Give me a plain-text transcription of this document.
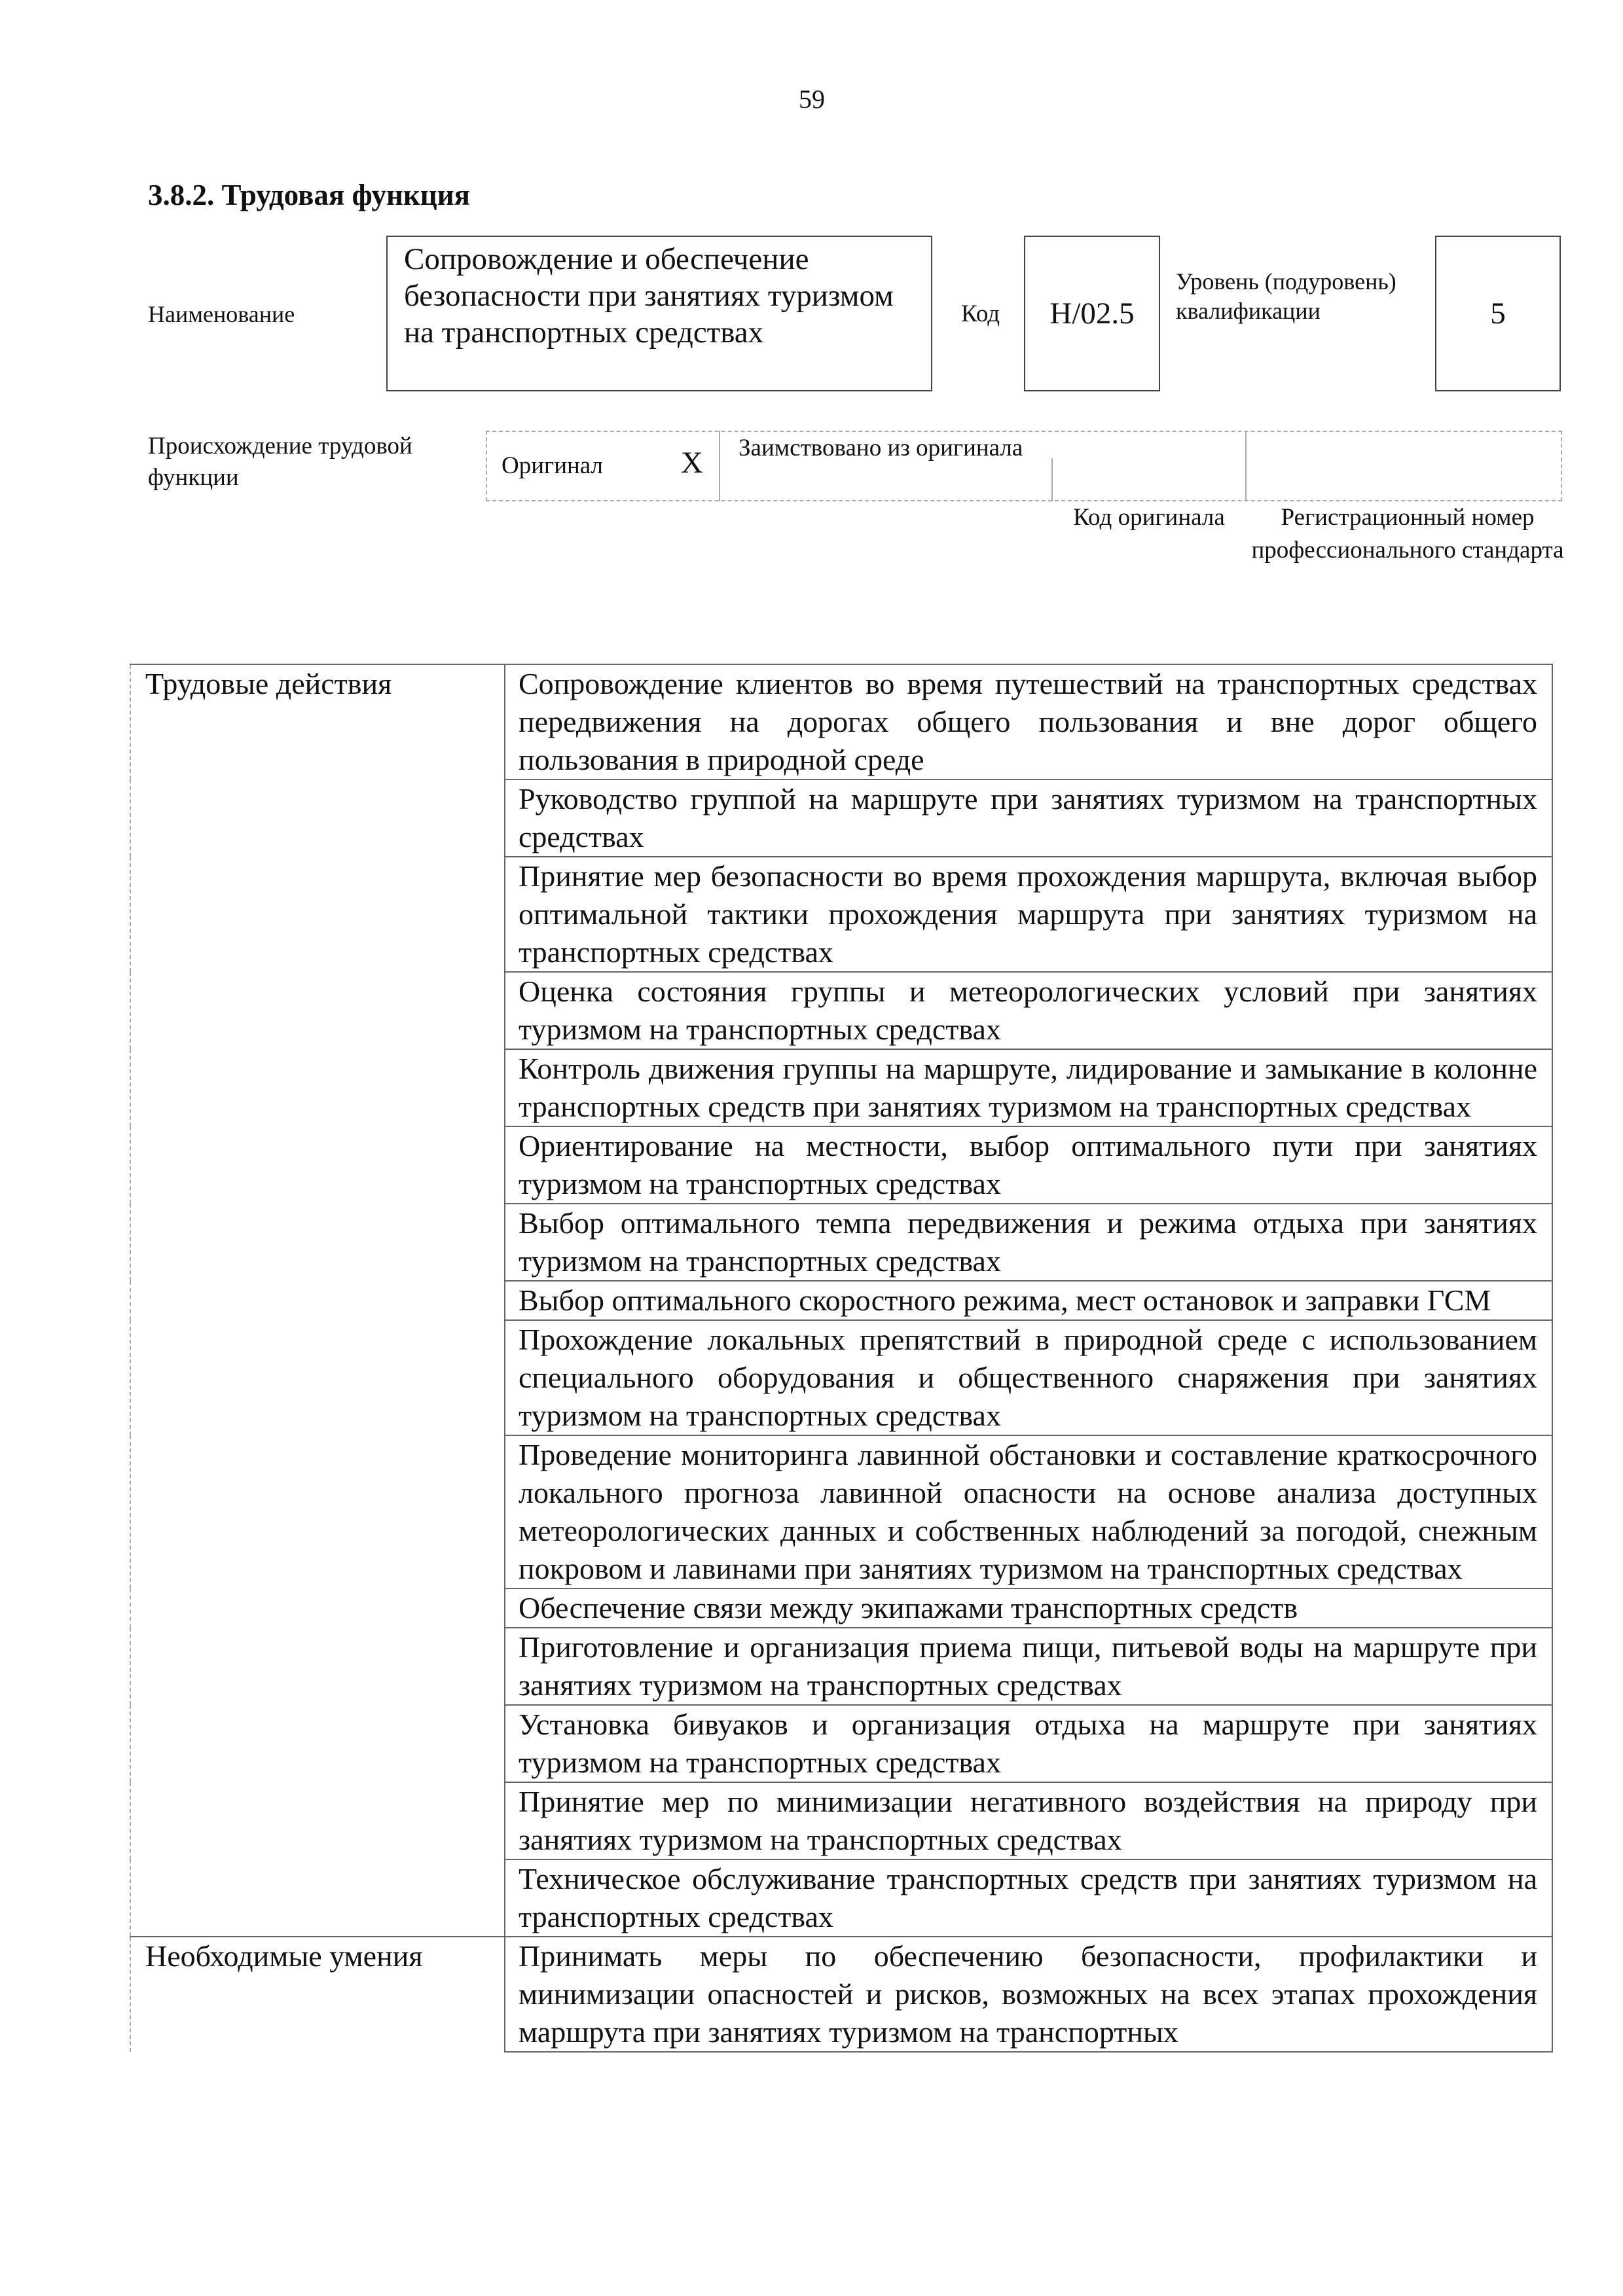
59
3.8.2. Трудовая функция
Наименование
Сопровождение и обеспечение безопасности при занятиях туризмом на транспортных средствах
Код	H/02.5
Уровень (подуровень) квалификации	5
Происхождение трудовой функции	Оригинал	X Заимствовано из оригинала
Код оригинала	Регистрационный номер профессионального стандарта
Трудовые действия	Сопровождение клиентов во время путешествий на транспортных средствах передвижения на дорогах общего пользования и вне дорог общего пользования в природной среде
	Руководство группой на маршруте при занятиях туризмом на транспортных средствах
	Принятие мер безопасности во время прохождения маршрута, включая выбор оптимальной тактики прохождения маршрута при занятиях туризмом на транспортных средствах
	Оценка состояния группы и метеорологических условий при занятиях туризмом на транспортных средствах
	Контроль движения группы на маршруте, лидирование и замыкание в колонне транспортных средств при занятиях туризмом на транспортных средствах
	Ориентирование на местности, выбор оптимального пути при занятиях туризмом на транспортных средствах
	Выбор оптимального темпа передвижения и режима отдыха при занятиях туризмом на транспортных средствах
	Выбор оптимального скоростного режима, мест остановок и заправки ГСМ
	Прохождение локальных препятствий в природной среде с использованием специального оборудования и общественного снаряжения при занятиях туризмом на транспортных средствах
	Проведение мониторинга лавинной обстановки и составление краткосрочного локального прогноза лавинной опасности на основе анализа доступных метеорологических данных и собственных наблюдений за погодой, снежным покровом и лавинами при занятиях туризмом на транспортных средствах
	Обеспечение связи между экипажами транспортных средств
	Приготовление и организация приема пищи, питьевой воды на маршруте при занятиях туризмом на транспортных средствах
	Установка бивуаков и организация отдыха на маршруте при занятиях туризмом на транспортных средствах
	Принятие мер по минимизации негативного воздействия на природу при занятиях туризмом на транспортных средствах
	Техническое обслуживание транспортных средств при занятиях туризмом на транспортных средствах
Необходимые умения	Принимать меры по обеспечению безопасности, профилактики и минимизации опасностей и рисков, возможных на всех этапах прохождения маршрута при занятиях туризмом на транспортных
